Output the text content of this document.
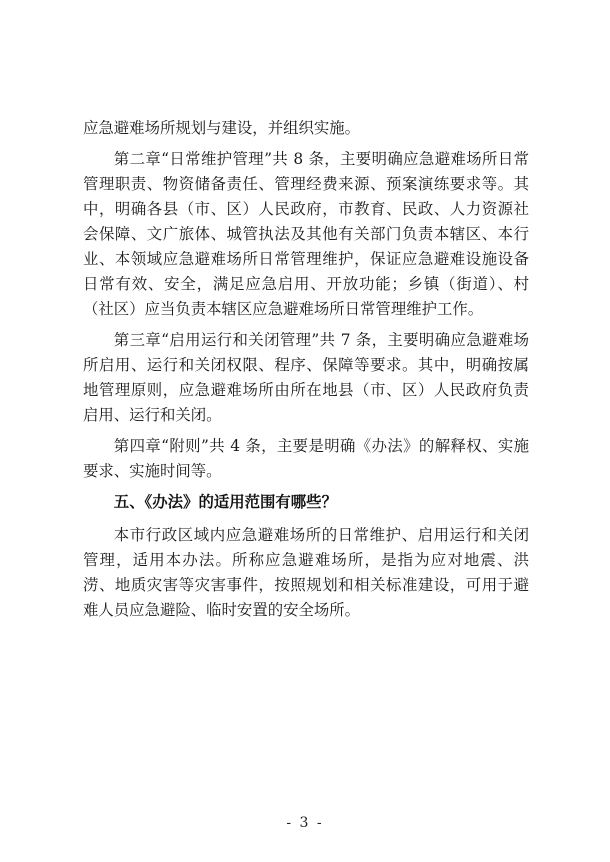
应急避难场所规划与建设，并组织实施。

第二章“日常维护管理”共 8 条，主要明确应急避难场所日常管理职责、物资储备责任、管理经费来源、预案演练要求等。其中，明确各县（市、区）人民政府，市教育、民政、人力资源社会保障、文广旅体、城管执法及其他有关部门负责本辖区、本行业、本领域应急避难场所日常管理维护，保证应急避难设施设备日常有效、安全，满足应急启用、开放功能；乡镇（街道）、村（社区）应当负责本辖区应急避难场所日常管理维护工作。

第三章“启用运行和关闭管理”共 7 条，主要明确应急避难场所启用、运行和关闭权限、程序、保障等要求。其中，明确按属地管理原则，应急避难场所由所在地县（市、区）人民政府负责启用、运行和关闭。

第四章“附则”共 4 条，主要是明确《办法》的解释权、实施要求、实施时间等。

五、《办法》的适用范围有哪些？

本市行政区域内应急避难场所的日常维护、启用运行和关闭管理，适用本办法。所称应急避难场所，是指为应对地震、洪涝、地质灾害等灾害事件，按照规划和相关标准建设，可用于避难人员应急避险、临时安置的安全场所。

- 3 -
